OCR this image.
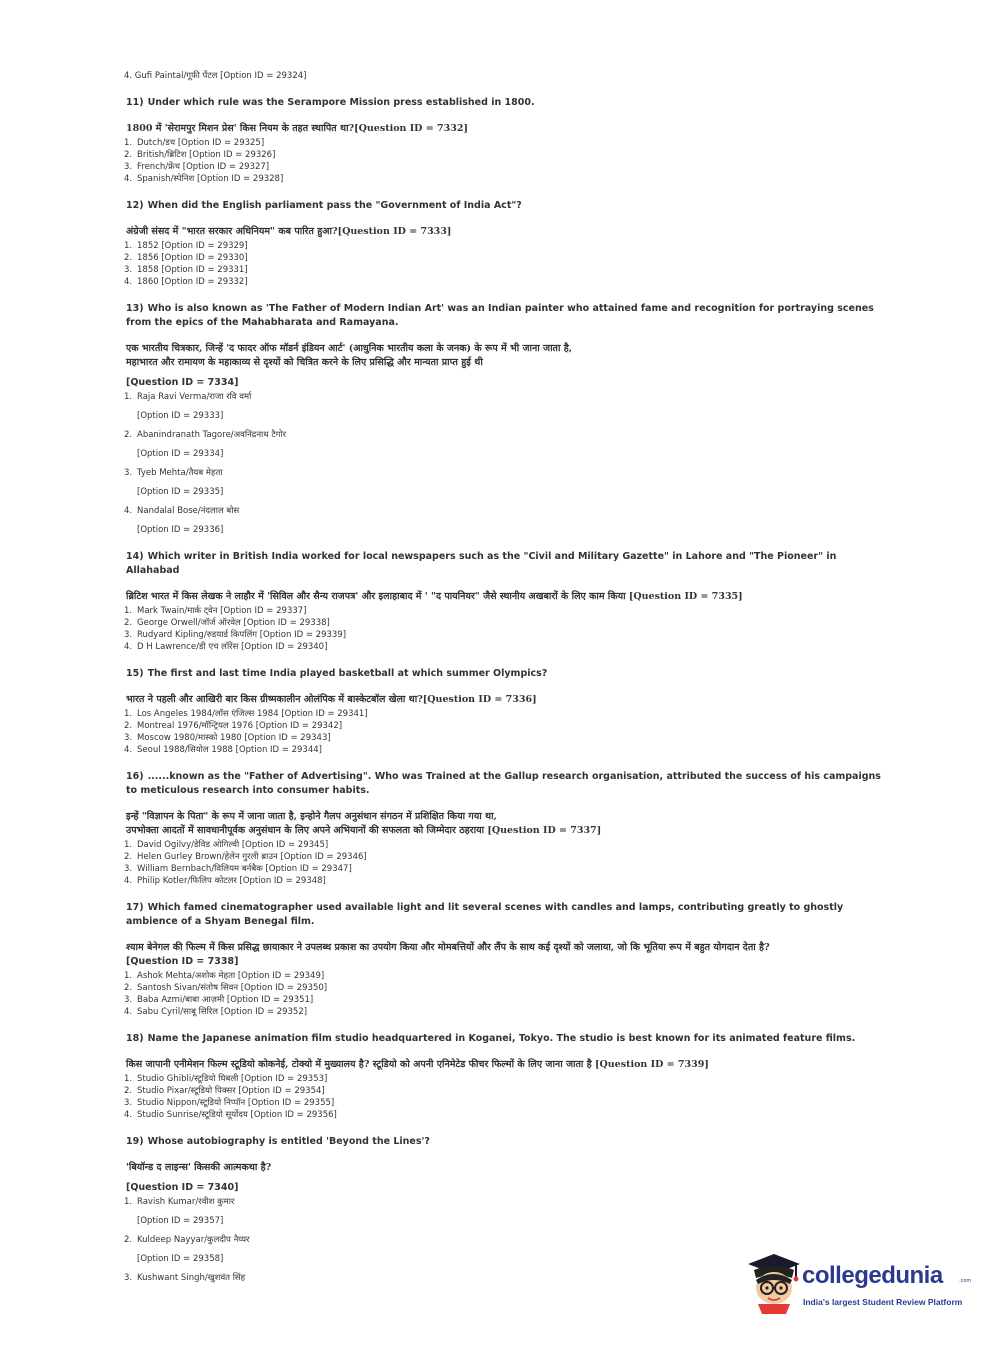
4. Gufi Paintal/गूफी पेंटल [Option ID = 29324]
11) Under which rule was the Serampore Mission press established in 1800.
1800 में 'सेरामपुर मिशन प्रेस' किस नियम के तहत स्थापित था?[Question ID = 7332]
1. Dutch/डच [Option ID = 29325]
2. British/ब्रिटिश [Option ID = 29326]
3. French/फ्रेंच [Option ID = 29327]
4. Spanish/स्पेनिश [Option ID = 29328]
12) When did the English parliament pass the "Government of India Act"?
अंग्रेजी संसद में "भारत सरकार अधिनियम" कब पारित हुआ?[Question ID = 7333]
1. 1852 [Option ID = 29329]
2. 1856 [Option ID = 29330]
3. 1858 [Option ID = 29331]
4. 1860 [Option ID = 29332]
13) Who is also known as 'The Father of Modern Indian Art' was an Indian painter who attained fame and recognition for portraying scenes from the epics of the Mahabharata and Ramayana.
एक भारतीय चित्रकार, जिन्हें 'द फादर ऑफ मॉडर्न इंडियन आर्ट' (आधुनिक भारतीय कला के जनक) के रूप में भी जाना जाता है,
महाभारत और रामायण के महाकाव्य से दृश्यों को चित्रित करने के लिए प्रसिद्धि और मान्यता प्राप्त हुई थी
[Question ID = 7334]
1. Raja Ravi Verma/राजा रवि वर्मा
[Option ID = 29333]
2. Abanindranath Tagore/अवनिंद्रनाथ टैगोर
[Option ID = 29334]
3. Tyeb Mehta/तैयब मेहता
[Option ID = 29335]
4. Nandalal Bose/नंदलाल बोस
[Option ID = 29336]
14) Which writer in British India worked for local newspapers such as the "Civil and Military Gazette" in Lahore and "The Pioneer" in Allahabad
ब्रिटिश भारत में किस लेखक ने लाहौर में 'सिविल और सैन्य राजपत्र' और इलाहाबाद में ' "द पायनियर" जैसे स्थानीय अखबारों के लिए काम किया [Question ID = 7335]
1. Mark Twain/मार्क ट्वेन [Option ID = 29337]
2. George Orwell/जॉर्ज ऑरवेल [Option ID = 29338]
3. Rudyard Kipling/रुडयार्ड किपलिंग [Option ID = 29339]
4. D H Lawrence/डी एच लॉरेंस [Option ID = 29340]
15) The first and last time India played basketball at which summer Olympics?
भारत ने पहली और आखिरी बार किस ग्रीष्मकालीन ओलंपिक में बास्केटबॉल खेला था?[Question ID = 7336]
1. Los Angeles 1984/लॉस एंजिल्स 1984 [Option ID = 29341]
2. Montreal 1976/मॉन्ट्रियल 1976 [Option ID = 29342]
3. Moscow 1980/मास्को 1980 [Option ID = 29343]
4. Seoul 1988/सियोल 1988 [Option ID = 29344]
16) ......known as the "Father of Advertising". Who was Trained at the Gallup research organisation, attributed the success of his campaigns to meticulous research into consumer habits.
इन्हें "विज्ञापन के पिता" के रूप में जाना जाता है, इन्होने गैलप अनुसंधान संगठन में प्रशिक्षित किया गया था,
उपभोक्ता आदतों में सावधानीपूर्वक अनुसंधान के लिए अपने अभियानों की सफलता को जिम्मेदार ठहराया [Question ID = 7337]
1. David Ogilvy/डेविड ओगिल्वी [Option ID = 29345]
2. Helen Gurley Brown/हेलेन गुरली ब्राउन [Option ID = 29346]
3. William Bernbach/विलियम बर्नबैक [Option ID = 29347]
4. Philip Kotler/फिलिप कोटलर [Option ID = 29348]
17) Which famed cinematographer used available light and lit several scenes with candles and lamps, contributing greatly to ghostly ambience of a Shyam Benegal film.
श्याम बेनेगल की फिल्म में किस प्रसिद्ध छायाकार ने उपलब्ध प्रकाश का उपयोग किया और मोमबत्तियों और लैंप के साथ कई दृश्यों को जलाया, जो कि भूतिया रूप में बहुत योगदान देता है?
[Question ID = 7338]
1. Ashok Mehta/अशोक मेहता [Option ID = 29349]
2. Santosh Sivan/संतोष सिवन [Option ID = 29350]
3. Baba Azmi/बाबा आज़मी [Option ID = 29351]
4. Sabu Cyril/साबू सिरिल [Option ID = 29352]
18) Name the Japanese animation film studio headquartered in Koganei, Tokyo. The studio is best known for its animated feature films.
किस जापानी एनीमेशन फिल्म स्टूडियो कोकनेई, टोक्यो में मुख्यालय है? स्टूडियो को अपनी एनिमेटेड फीचर फिल्मों के लिए जाना जाता है [Question ID = 7339]
1. Studio Ghibli/स्टूडियो घिबली [Option ID = 29353]
2. Studio Pixar/स्टूडियो पिक्सर [Option ID = 29354]
3. Studio Nippon/स्टूडियो निप्पॉन [Option ID = 29355]
4. Studio Sunrise/स्टूडियो सूर्योदय [Option ID = 29356]
19) Whose autobiography is entitled 'Beyond the Lines'?
'बियॉन्ड द लाइन्स' किसकी आत्मकथा है?
[Question ID = 7340]
1. Ravish Kumar/रवीश कुमार
[Option ID = 29357]
2. Kuldeep Nayyar/कुलदीप नैय्यर
[Option ID = 29358]
3. Kushwant Singh/खुशवंत सिंह	collegedunia	.com
India's largest Student Review Platform
